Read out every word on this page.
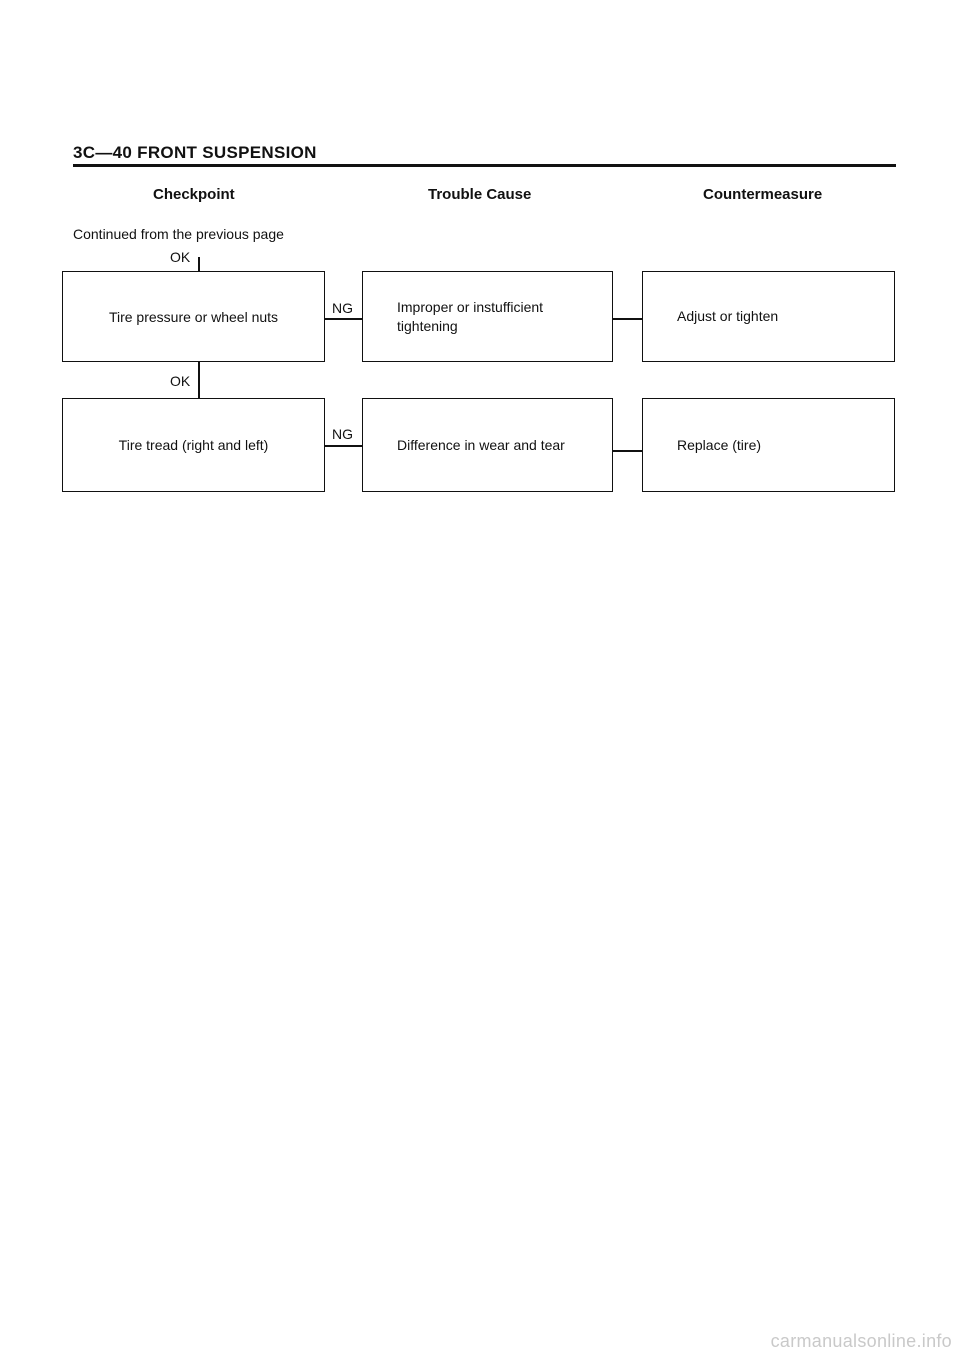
3C—40 FRONT SUSPENSION
Checkpoint	Trouble Cause	Countermeasure
Continued from the previous page
OK
Tire pressure or wheel nuts
NG	Improper or instufficient
tightening
Adjust or tighten
OK
Tire tread (right and left)
NG
Difference in wear and tear	Replace (tire)
carmanualsonline.info
